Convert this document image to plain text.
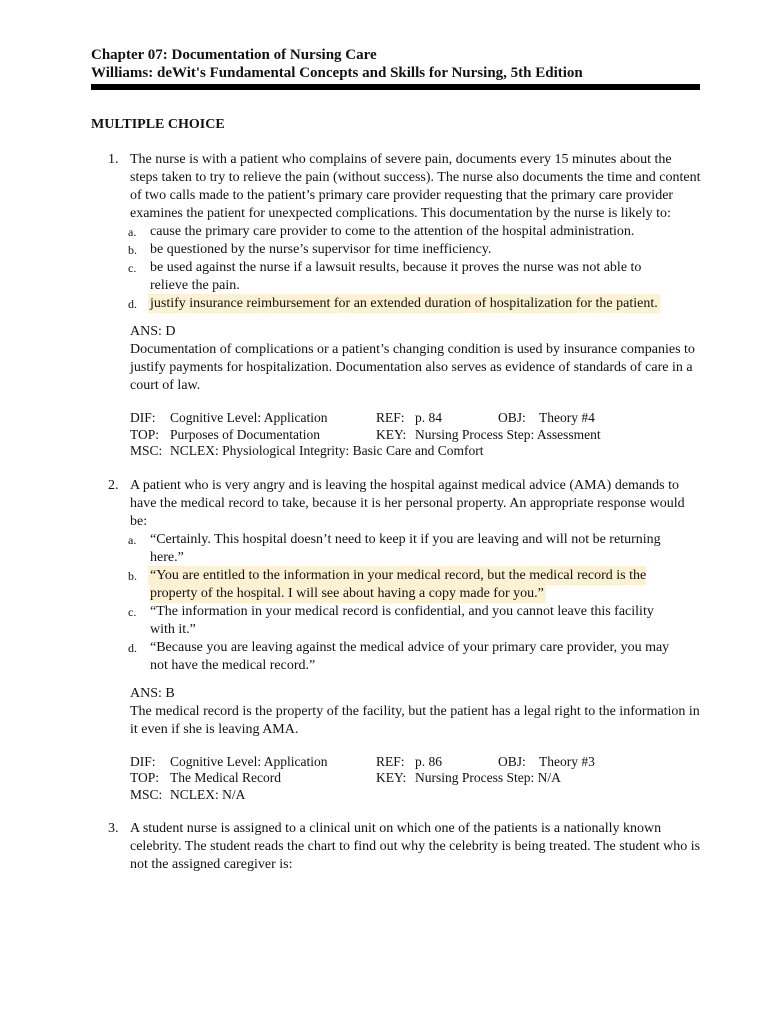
Chapter 07: Documentation of Nursing Care
Williams: deWit's Fundamental Concepts and Skills for Nursing, 5th Edition
MULTIPLE CHOICE
1. The nurse is with a patient who complains of severe pain, documents every 15 minutes about the steps taken to try to relieve the pain (without success). The nurse also documents the time and content of two calls made to the patient’s primary care provider requesting that the primary care provider examines the patient for unexpected complications. This documentation by the nurse is likely to:
a. cause the primary care provider to come to the attention of the hospital administration.
b. be questioned by the nurse’s supervisor for time inefficiency.
c. be used against the nurse if a lawsuit results, because it proves the nurse was not able to relieve the pain.
d. justify insurance reimbursement for an extended duration of hospitalization for the patient.
ANS: D
Documentation of complications or a patient’s changing condition is used by insurance companies to justify payments for hospitalization. Documentation also serves as evidence of standards of care in a court of law.
DIF: Cognitive Level: Application	REF: p. 84	OBJ: Theory #4
TOP: Purposes of Documentation	KEY: Nursing Process Step: Assessment
MSC: NCLEX: Physiological Integrity: Basic Care and Comfort
2. A patient who is very angry and is leaving the hospital against medical advice (AMA) demands to have the medical record to take, because it is her personal property. An appropriate response would be:
a. “Certainly. This hospital doesn’t need to keep it if you are leaving and will not be returning here.”
b. “You are entitled to the information in your medical record, but the medical record is the property of the hospital. I will see about having a copy made for you.”
c. “The information in your medical record is confidential, and you cannot leave this facility with it.”
d. “Because you are leaving against the medical advice of your primary care provider, you may not have the medical record.”
ANS: B
The medical record is the property of the facility, but the patient has a legal right to the information in it even if she is leaving AMA.
DIF: Cognitive Level: Application	REF: p. 86	OBJ: Theory #3
TOP: The Medical Record	KEY: Nursing Process Step: N/A
MSC: NCLEX: N/A
3. A student nurse is assigned to a clinical unit on which one of the patients is a nationally known celebrity. The student reads the chart to find out why the celebrity is being treated. The student who is not the assigned caregiver is:
